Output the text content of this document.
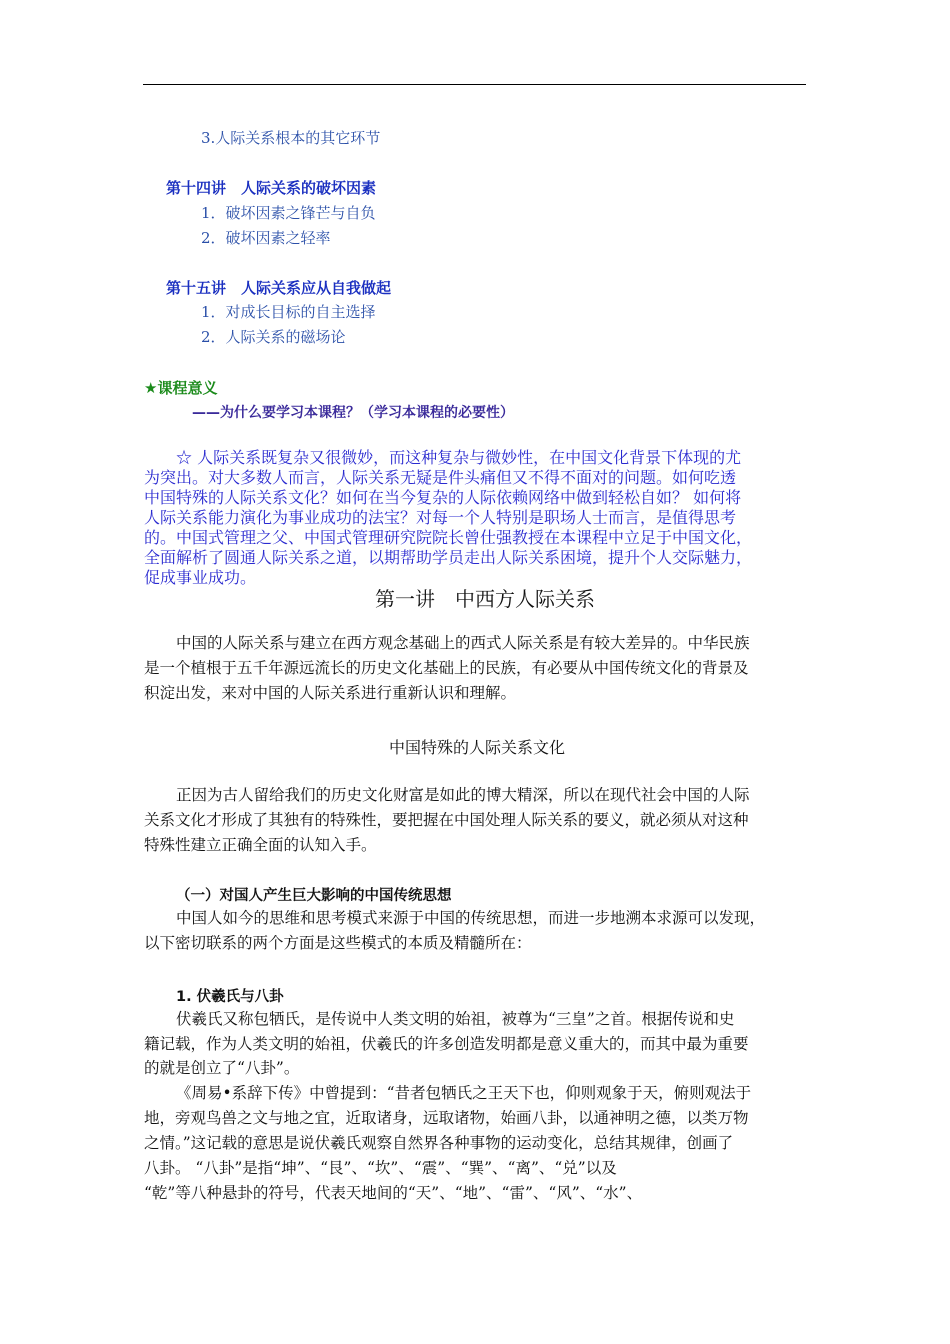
3.人际关系根本的其它环节
第十四讲　人际关系的破坏因素
1．破坏因素之锋芒与自负
2．破坏因素之轻率
第十五讲　人际关系应从自我做起
1．对成长目标的自主选择
2．人际关系的磁场论
★课程意义
——为什么要学习本课程？（学习本课程的必要性）
☆ 人际关系既复杂又很微妙，而这种复杂与微妙性，在中国文化背景下体现的尤
为突出。对大多数人而言，人际关系无疑是件头痛但又不得不面对的问题。如何吃透
中国特殊的人际关系文化？如何在当今复杂的人际依赖网络中做到轻松自如？ 如何将
人际关系能力演化为事业成功的法宝？对每一个人特别是职场人士而言，是值得思考
的。中国式管理之父、中国式管理研究院院长曾仕强教授在本课程中立足于中国文化，
全面解析了圆通人际关系之道，以期帮助学员走出人际关系困境，提升个人交际魅力，
促成事业成功。
第一讲　中西方人际关系
中国的人际关系与建立在西方观念基础上的西式人际关系是有较大差异的。中华民族
是一个植根于五千年源远流长的历史文化基础上的民族，有必要从中国传统文化的背景及
积淀出发，来对中国的人际关系进行重新认识和理解。
中国特殊的人际关系文化
正因为古人留给我们的历史文化财富是如此的博大精深，所以在现代社会中国的人际
关系文化才形成了其独有的特殊性，要把握在中国处理人际关系的要义，就必须从对这种
特殊性建立正确全面的认知入手。
（一）对国人产生巨大影响的中国传统思想
中国人如今的思维和思考模式来源于中国的传统思想，而进一步地溯本求源可以发现，
以下密切联系的两个方面是这些模式的本质及精髓所在：
1. 伏羲氏与八卦
伏羲氏又称包牺氏，是传说中人类文明的始祖，被尊为“三皇”之首。根据传说和史
籍记载，作为人类文明的始祖，伏羲氏的许多创造发明都是意义重大的，而其中最为重要
的就是创立了“八卦”。
《周易•系辞下传》中曾提到：“昔者包牺氏之王天下也，仰则观象于天，俯则观法于
地，旁观鸟兽之文与地之宜，近取诸身，远取诸物，始画八卦，以通神明之德，以类万物
之情。”这记载的意思是说伏羲氏观察自然界各种事物的运动变化，总结其规律，创画了
八卦。 “八卦”是指“坤”、“艮”、“坎”、“震”、“巽”、“离”、“兑”以及
“乾”等八种悬卦的符号，代表天地间的“天”、“地”、“雷”、“风”、“水”、
